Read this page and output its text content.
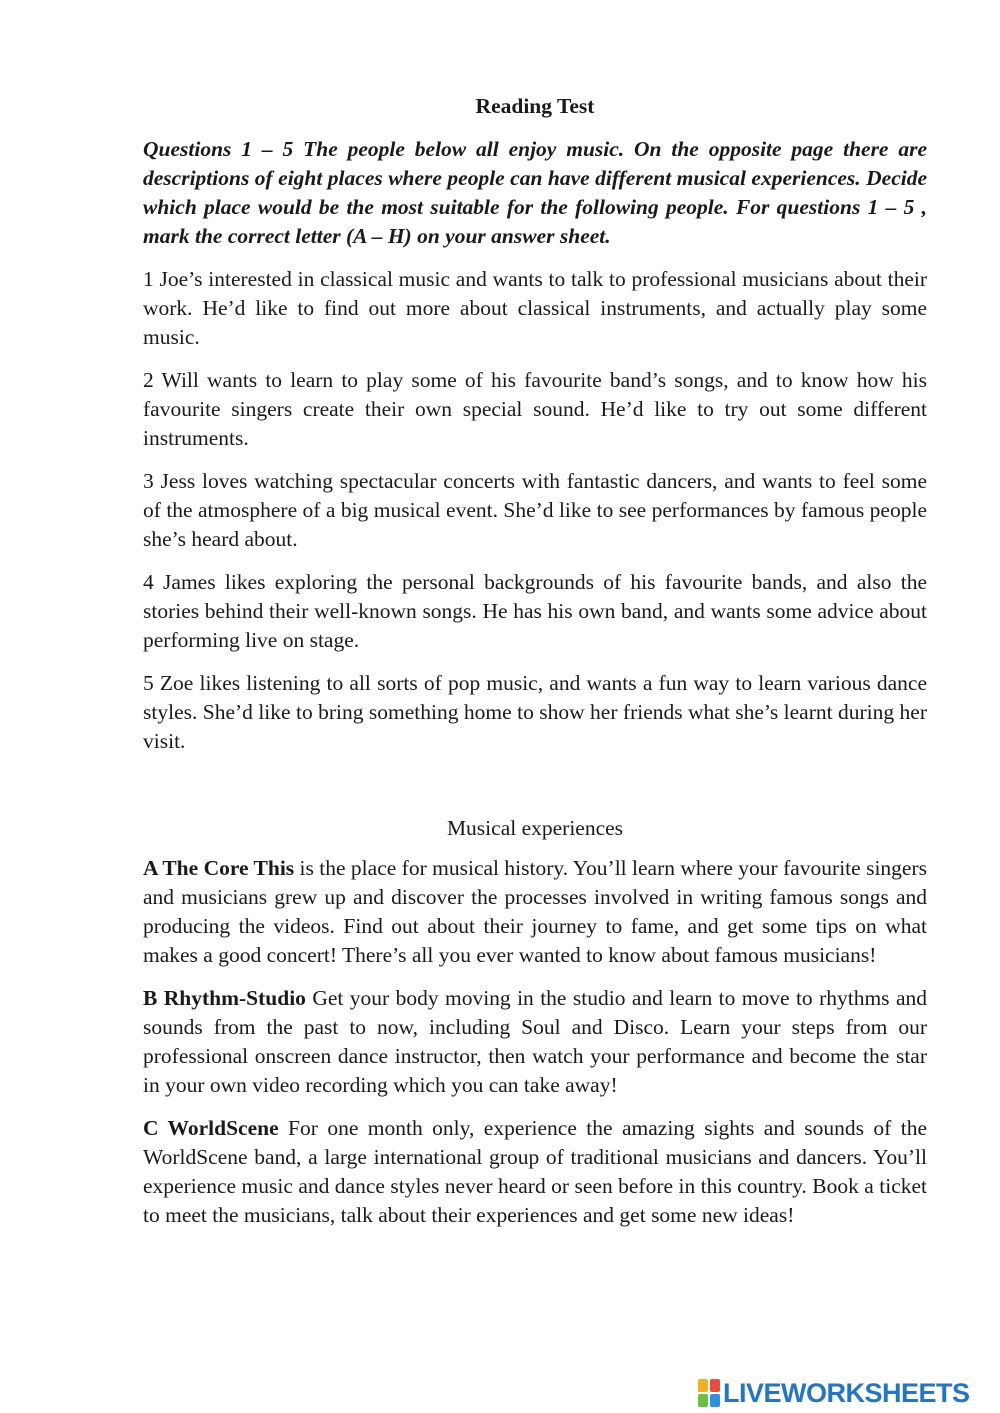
Reading Test
Questions 1 – 5 The people below all enjoy music. On the opposite page there are descriptions of eight places where people can have different musical experiences. Decide which place would be the most suitable for the following people. For questions 1 – 5 , mark the correct letter (A – H) on your answer sheet.
1 Joe’s interested in classical music and wants to talk to professional musicians about their work. He’d like to find out more about classical instruments, and actually play some music.
2 Will wants to learn to play some of his favourite band’s songs, and to know how his favourite singers create their own special sound. He’d like to try out some different instruments.
3 Jess loves watching spectacular concerts with fantastic dancers, and wants to feel some of the atmosphere of a big musical event. She’d like to see performances by famous people she’s heard about.
4 James likes exploring the personal backgrounds of his favourite bands, and also the stories behind their well-known songs. He has his own band, and wants some advice about performing live on stage.
5 Zoe likes listening to all sorts of pop music, and wants a fun way to learn various dance styles. She’d like to bring something home to show her friends what she’s learnt during her visit.
Musical experiences
A The Core This is the place for musical history. You’ll learn where your favourite singers and musicians grew up and discover the processes involved in writing famous songs and producing the videos. Find out about their journey to fame, and get some tips on what makes a good concert! There’s all you ever wanted to know about famous musicians!
B Rhythm-Studio Get your body moving in the studio and learn to move to rhythms and sounds from the past to now, including Soul and Disco. Learn your steps from our professional onscreen dance instructor, then watch your performance and become the star in your own video recording which you can take away!
C WorldScene For one month only, experience the amazing sights and sounds of the WorldScene band, a large international group of traditional musicians and dancers. You’ll experience music and dance styles never heard or seen before in this country. Book a ticket to meet the musicians, talk about their experiences and get some new ideas!
LIVEWORKSHEETS
